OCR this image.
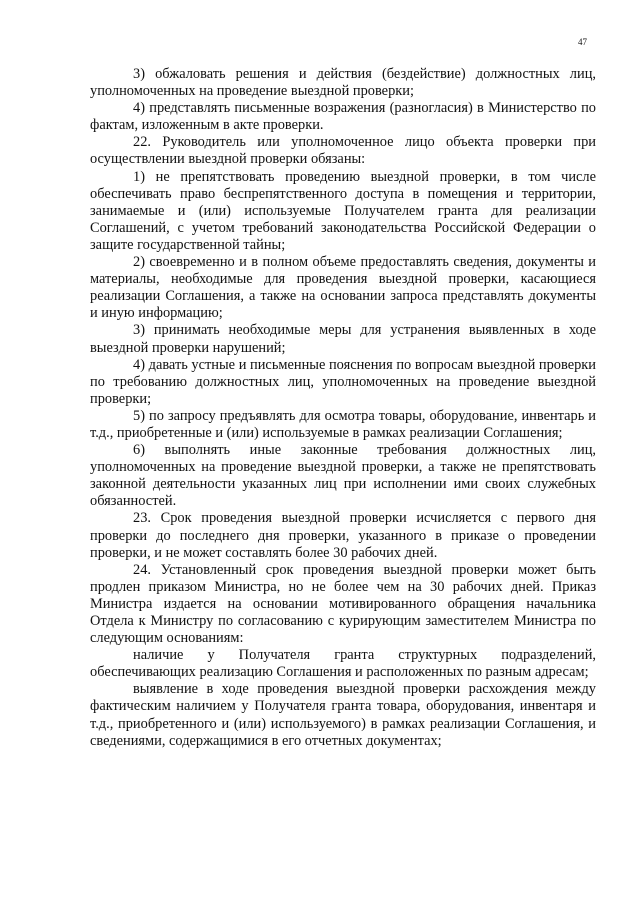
47

3) обжаловать решения и действия (бездействие) должностных лиц, уполномоченных на проведение выездной проверки;

4) представлять письменные возражения (разногласия) в Министерство по фактам, изложенным в акте проверки.

22. Руководитель или уполномоченное лицо объекта проверки при осуществлении выездной проверки обязаны:

1) не препятствовать проведению выездной проверки, в том числе обеспечивать право беспрепятственного доступа в помещения и территории, занимаемые и (или) используемые Получателем гранта для реализации Соглашений, с учетом требований законодательства Российской Федерации о защите государственной тайны;

2) своевременно и в полном объеме предоставлять сведения, документы и материалы, необходимые для проведения выездной проверки, касающиеся реализации Соглашения, а также на основании запроса представлять документы и иную информацию;

3) принимать необходимые меры для устранения выявленных в ходе выездной проверки нарушений;

4) давать устные и письменные пояснения по вопросам выездной проверки по требованию должностных лиц, уполномоченных на проведение выездной проверки;

5) по запросу предъявлять для осмотра товары, оборудование, инвентарь и т.д., приобретенные и (или) используемые в рамках реализации Соглашения;

6) выполнять иные законные требования должностных лиц, уполномоченных на проведение выездной проверки, а также не препятствовать законной деятельности указанных лиц при исполнении ими своих служебных обязанностей.

23. Срок проведения выездной проверки исчисляется с первого дня проверки до последнего дня проверки, указанного в приказе о проведении проверки, и не может составлять более 30 рабочих дней.

24. Установленный срок проведения выездной проверки может быть продлен приказом Министра, но не более чем на 30 рабочих дней. Приказ Министра издается на основании мотивированного обращения начальника Отдела к Министру по согласованию с курирующим заместителем Министра по следующим основаниям:

наличие у Получателя гранта структурных подразделений, обеспечивающих реализацию Соглашения и расположенных по разным адресам;

выявление в ходе проведения выездной проверки расхождения между фактическим наличием у Получателя гранта товара, оборудования, инвентаря и т.д., приобретенного и (или) используемого) в рамках реализации Соглашения, и сведениями, содержащимися в его отчетных документах;
